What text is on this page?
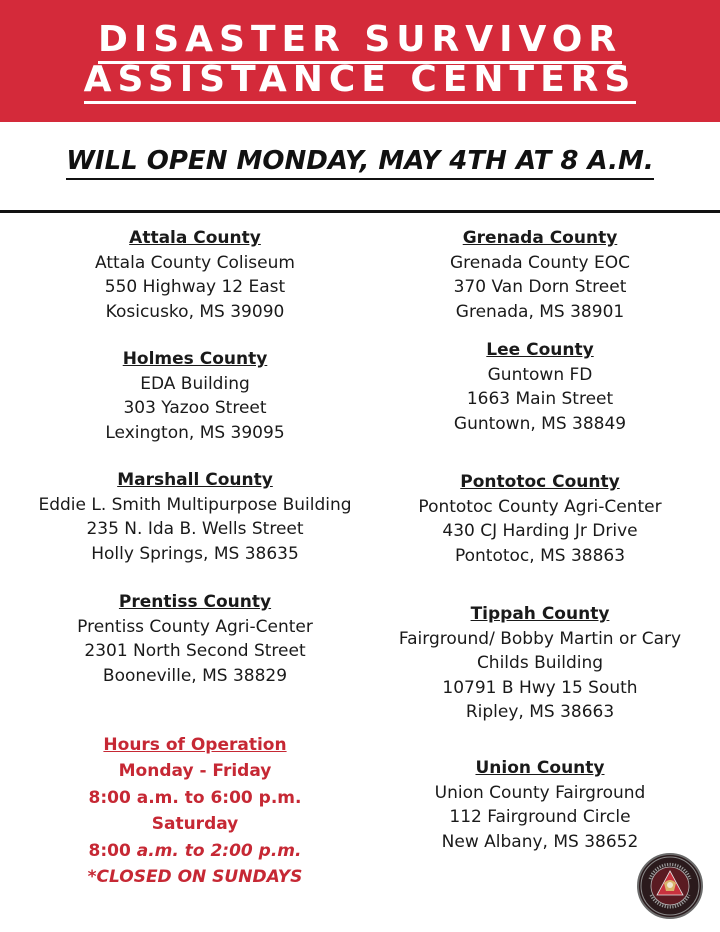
DISASTER SURVIVOR
ASSISTANCE CENTERS
WILL OPEN MONDAY, MAY 4TH AT 8 A.M.
Attala County
Attala County Coliseum
550 Highway 12 East
Kosicusko, MS 39090
Holmes County
EDA Building
303 Yazoo Street
Lexington, MS 39095
Marshall County
Eddie L. Smith Multipurpose Building
235 N. Ida B. Wells Street
Holly Springs, MS 38635
Prentiss County
Prentiss County Agri-Center
2301 North Second Street
Booneville, MS 38829
Grenada County
Grenada County EOC
370 Van Dorn Street
Grenada, MS 38901
Lee County
Guntown FD
1663 Main Street
Guntown, MS 38849
Pontotoc County
Pontotoc County Agri-Center
430 CJ Harding Jr Drive
Pontotoc, MS 38863
Tippah County
Fairground/ Bobby Martin or Cary
Childs Building
10791 B Hwy 15 South
Ripley, MS 38663
Union County
Union County Fairground
112 Fairground Circle
New Albany, MS 38652
Hours of Operation
Monday - Friday
8:00 a.m. to 6:00 p.m.
Saturday
8:00 a.m. to 2:00 p.m.
*CLOSED ON SUNDAYS
